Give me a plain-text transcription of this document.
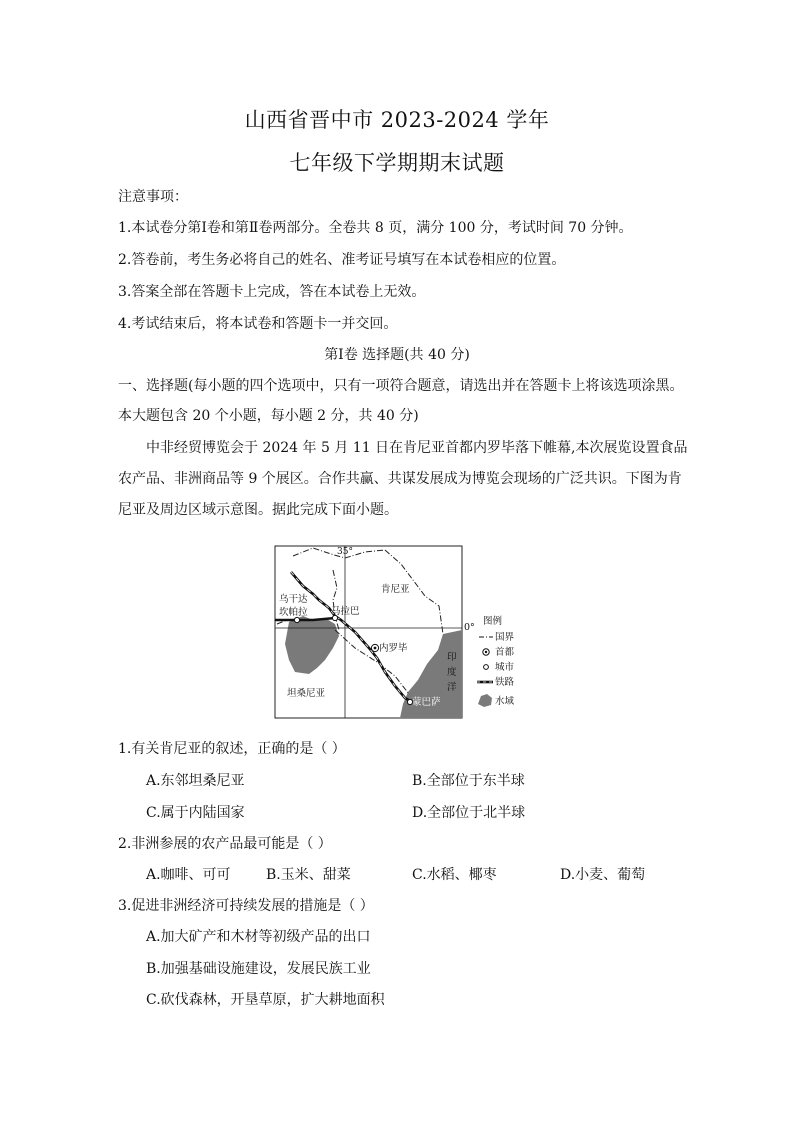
山西省晋中市 2023-2024 学年
七年级下学期期末试题
注意事项：
1.本试卷分第Ⅰ卷和第Ⅱ卷两部分。全卷共 8 页，满分 100 分，考试时间 70 分钟。
2.答卷前，考生务必将自己的姓名、准考证号填写在本试卷相应的位置。
3.答案全部在答题卡上完成，答在本试卷上无效。
4.考试结束后，将本试卷和答题卡一并交回。
第Ⅰ卷 选择题(共 40 分)
一、选择题(每小题的四个选项中，只有一项符合题意，请选出并在答题卡上将该选项涂黑。
本大题包含 20 个小题，每小题 2 分，共 40 分)
中非经贸博览会于 2024 年 5 月 11 日在肯尼亚首都内罗毕落下帷幕,本次展览设置食品
农产品、非洲商品等 9 个展区。合作共赢、共谋发展成为博览会现场的广泛共识。下图为肯
尼亚及周边区域示意图。据此完成下面小题。
35°
肯尼亚
乌干达
坎帕拉 马拉巴
内罗毕
坦桑尼亚
蒙巴萨
印
度
洋
0°
图例
国界
首都
城市
铁路
水域
1.有关肯尼亚的叙述，正确的是（ ）
A.东邻坦桑尼亚	B.全部位于东半球
C.属于内陆国家	D.全部位于北半球
2.非洲参展的农产品最可能是（ ）
A.咖啡、可可	B.玉米、甜菜	C.水稻、椰枣	D.小麦、葡萄
3.促进非洲经济可持续发展的措施是（ ）
A.加大矿产和木材等初级产品的出口
B.加强基础设施建设，发展民族工业
C.砍伐森林，开垦草原，扩大耕地面积
